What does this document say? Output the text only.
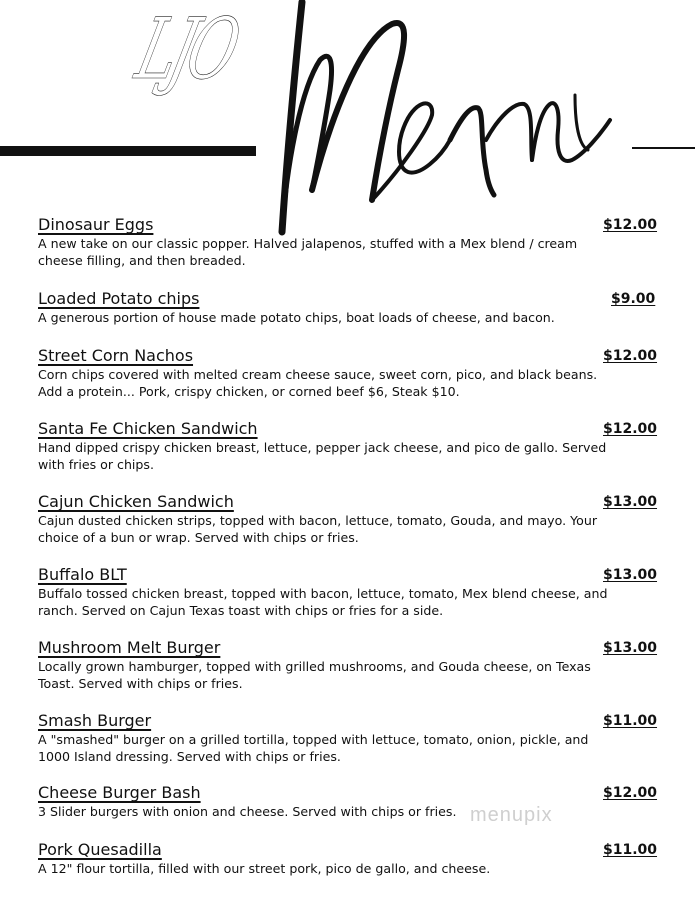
LJO
Dinosaur Eggs	$12.00
A new take on our classic popper. Halved jalapenos, stuffed with a Mex blend / cream cheese filling, and then breaded.
Loaded Potato chips	$9.00
A generous portion of house made potato chips, boat loads of cheese, and bacon.
Street Corn Nachos	$12.00
Corn chips covered with melted cream cheese sauce, sweet corn, pico, and black beans. Add a protein... Pork, crispy chicken, or corned beef $6, Steak $10.
Santa Fe Chicken Sandwich	$12.00
Hand dipped crispy chicken breast, lettuce, pepper jack cheese, and pico de gallo. Served with fries or chips.
Cajun Chicken Sandwich	$13.00
Cajun dusted chicken strips, topped with bacon, lettuce, tomato, Gouda, and mayo. Your choice of a bun or wrap. Served with chips or fries.
Buffalo BLT	$13.00
Buffalo tossed chicken breast, topped with bacon, lettuce, tomato, Mex blend cheese, and ranch. Served on Cajun Texas toast with chips or fries for a side.
Mushroom Melt Burger	$13.00
Locally grown hamburger, topped with grilled mushrooms, and Gouda cheese, on Texas Toast. Served with chips or fries.
Smash Burger	$11.00
A "smashed" burger on a grilled tortilla, topped with lettuce, tomato, onion, pickle, and 1000 Island dressing. Served with chips or fries.
Cheese Burger Bash	$12.00
3 Slider burgers with onion and cheese. Served with chips or fries.
Pork Quesadilla	$11.00
A 12" flour tortilla, filled with our street pork, pico de gallo, and cheese.
menupix
